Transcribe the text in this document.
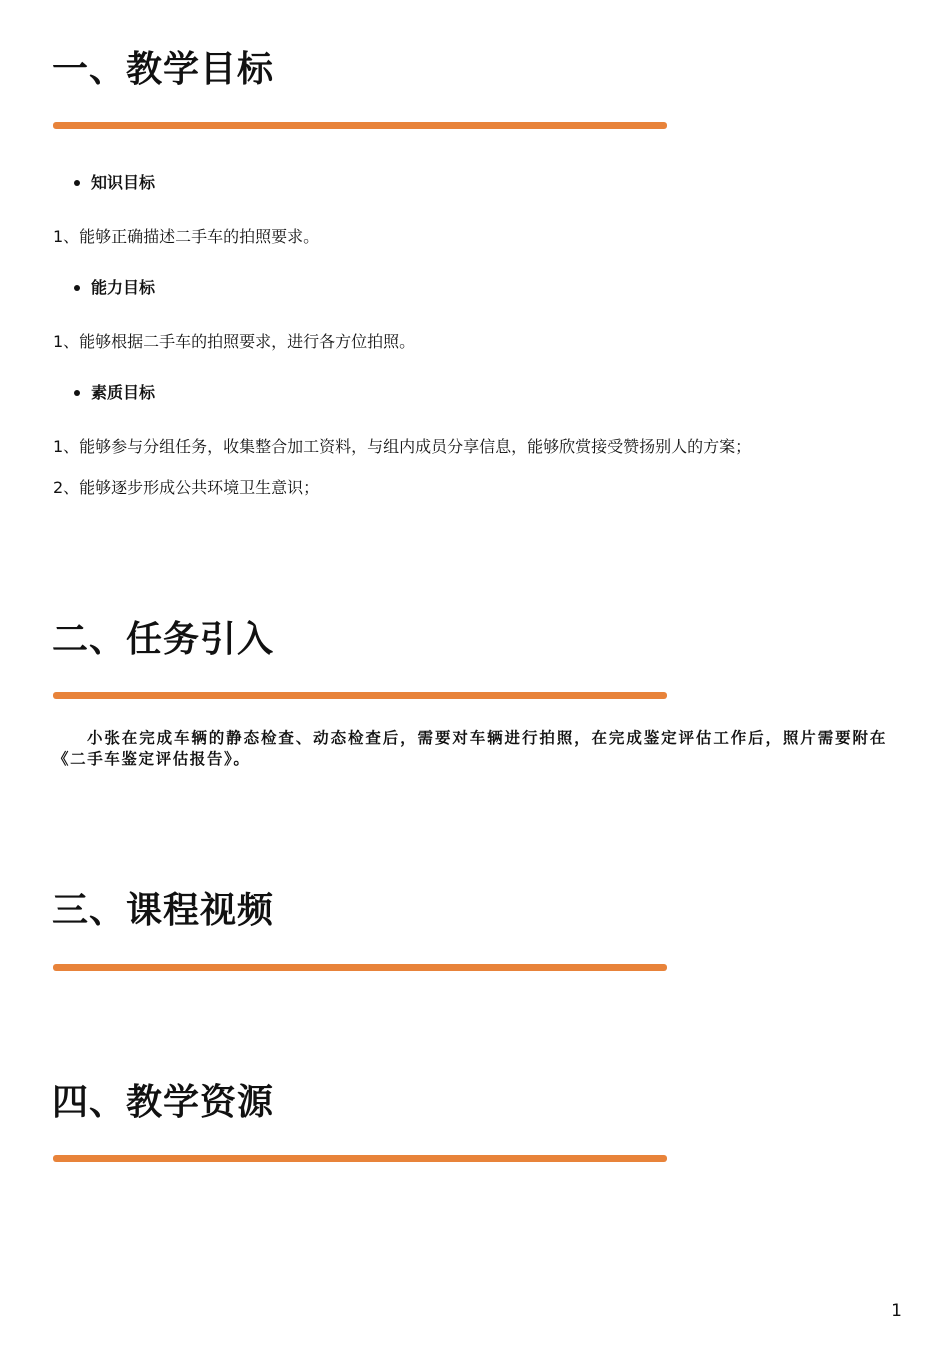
一、教学目标
知识目标
1、能够正确描述二手车的拍照要求。
能力目标
1、能够根据二手车的拍照要求，进行各方位拍照。
素质目标
1、能够参与分组任务，收集整合加工资料，与组内成员分享信息，能够欣赏接受赞扬别人的方案；
2、能够逐步形成公共环境卫生意识；
二、任务引入

小张在完成车辆的静态检查、动态检查后，需要对车辆进行拍照，在完成鉴定评估工作后，照片需要附在《二手车鉴定评估报告》。

三、课程视频
四、教学资源
1
